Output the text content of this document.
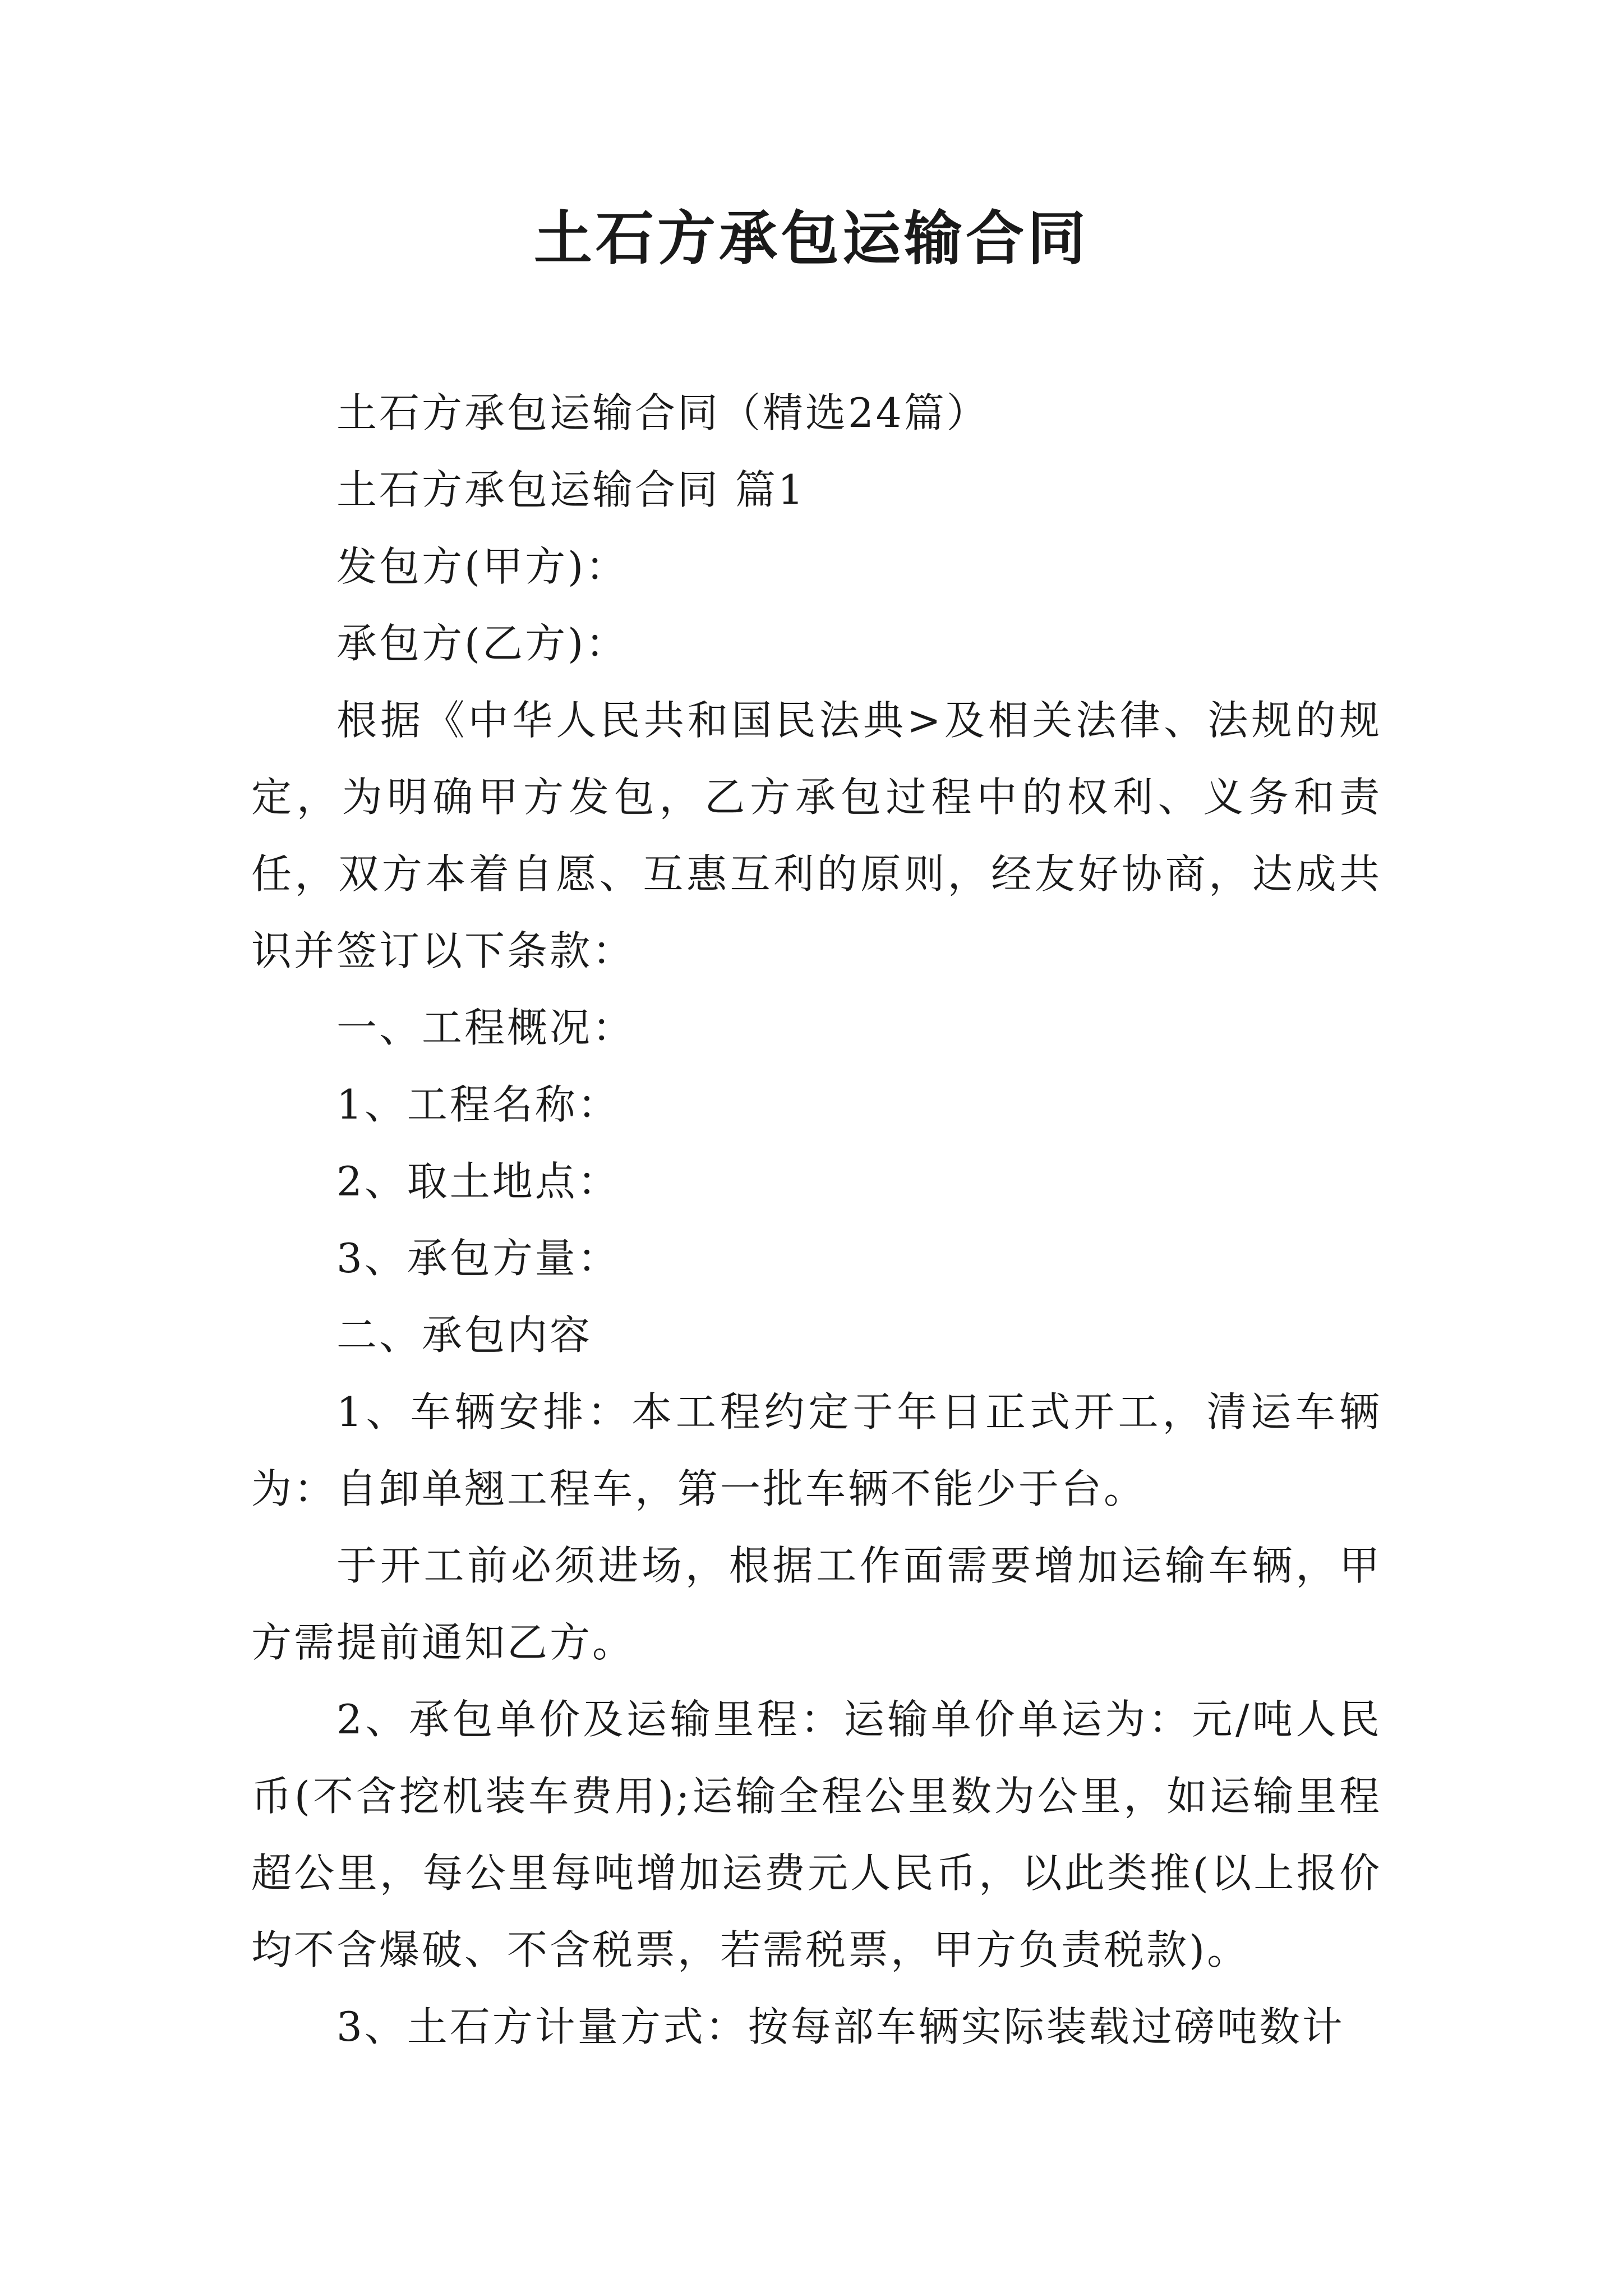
土石方承包运输合同

土石方承包运输合同（精选24篇）

土石方承包运输合同 篇1

发包方(甲方)：

承包方(乙方)：

根据《中华人民共和国民法典>及相关法律、法规的规定，为明确甲方发包，乙方承包过程中的权利、义务和责任，双方本着自愿、互惠互利的原则，经友好协商，达成共识并签订以下条款：

一、工程概况：

1、工程名称：

2、取土地点：

3、承包方量：

二、承包内容

1、车辆安排：本工程约定于年日正式开工，清运车辆为：自卸单翘工程车，第一批车辆不能少于台。

于开工前必须进场，根据工作面需要增加运输车辆，甲方需提前通知乙方。

2、承包单价及运输里程：运输单价单运为：元/吨人民币(不含挖机装车费用);运输全程公里数为公里，如运输里程超公里，每公里每吨增加运费元人民币，以此类推(以上报价均不含爆破、不含税票，若需税票，甲方负责税款)。

3、土石方计量方式：按每部车辆实际装载过磅吨数计
